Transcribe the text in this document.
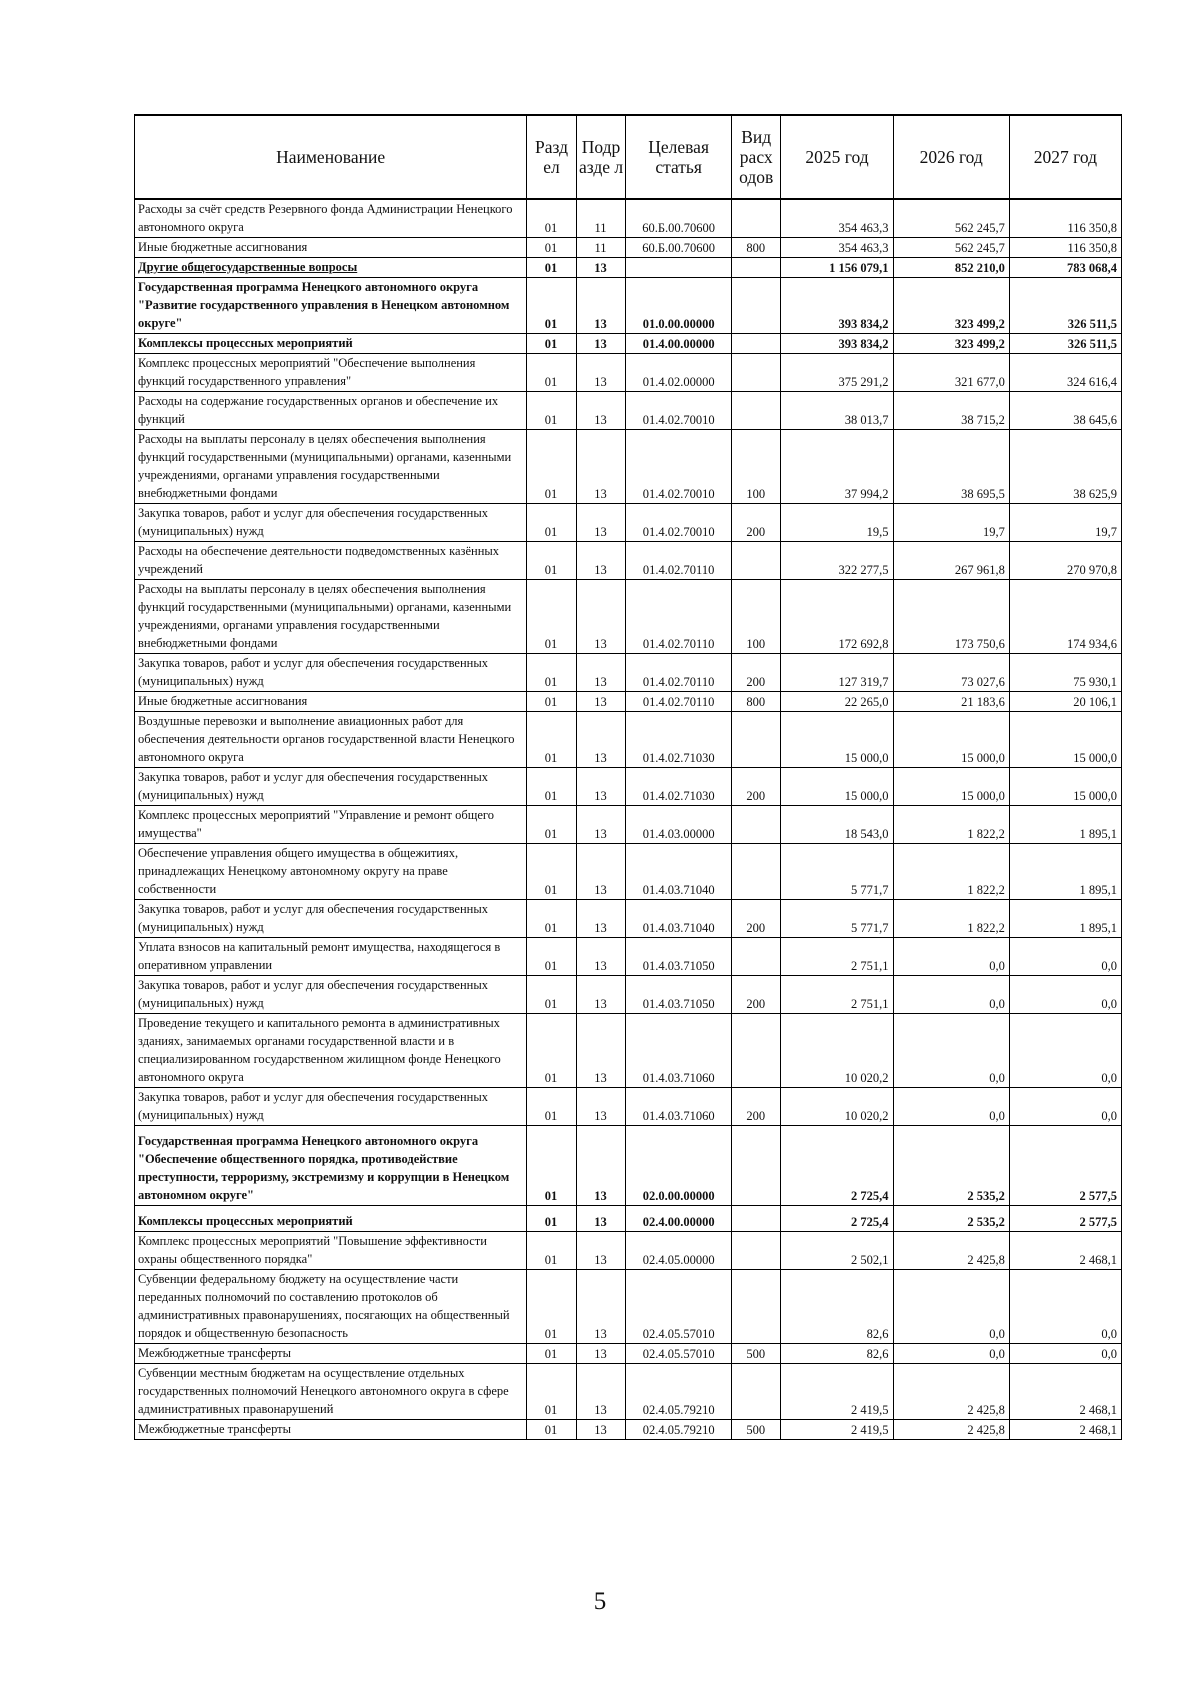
Наименование	Разд ел	Подр азде л	Целевая статья	Вид расх одов	2025 год	2026 год	2027 год
Расходы за счёт средств Резервного фонда Администрации Ненецкого автономного округа	01	11	60.Б.00.70600		354 463,3	562 245,7	116 350,8
Иные бюджетные ассигнования	01	11	60.Б.00.70600	800	354 463,3	562 245,7	116 350,8
Другие общегосударственные вопросы	01	13			1 156 079,1	852 210,0	783 068,4
Государственная программа Ненецкого автономного округа "Развитие государственного управления в Ненецком автономном округе"	01	13	01.0.00.00000		393 834,2	323 499,2	326 511,5
Комплексы процессных мероприятий	01	13	01.4.00.00000		393 834,2	323 499,2	326 511,5
Комплекс процессных мероприятий "Обеспечение выполнения функций государственного управления"	01	13	01.4.02.00000		375 291,2	321 677,0	324 616,4
Расходы на содержание государственных органов и обеспечение их функций	01	13	01.4.02.70010		38 013,7	38 715,2	38 645,6
Расходы на выплаты персоналу в целях обеспечения выполнения функций государственными (муниципальными) органами, казенными учреждениями, органами управления государственными внебюджетными фондами	01	13	01.4.02.70010	100	37 994,2	38 695,5	38 625,9
Закупка товаров, работ и услуг для обеспечения государственных (муниципальных) нужд	01	13	01.4.02.70010	200	19,5	19,7	19,7
Расходы на обеспечение деятельности подведомственных казённых учреждений	01	13	01.4.02.70110		322 277,5	267 961,8	270 970,8
Расходы на выплаты персоналу в целях обеспечения выполнения функций государственными (муниципальными) органами, казенными учреждениями, органами управления государственными внебюджетными фондами	01	13	01.4.02.70110	100	172 692,8	173 750,6	174 934,6
Закупка товаров, работ и услуг для обеспечения государственных (муниципальных) нужд	01	13	01.4.02.70110	200	127 319,7	73 027,6	75 930,1
Иные бюджетные ассигнования	01	13	01.4.02.70110	800	22 265,0	21 183,6	20 106,1
Воздушные перевозки и выполнение авиационных работ для обеспечения деятельности органов государственной власти Ненецкого автономного округа	01	13	01.4.02.71030		15 000,0	15 000,0	15 000,0
Закупка товаров, работ и услуг для обеспечения государственных (муниципальных) нужд	01	13	01.4.02.71030	200	15 000,0	15 000,0	15 000,0
Комплекс процессных мероприятий "Управление и ремонт общего имущества"	01	13	01.4.03.00000		18 543,0	1 822,2	1 895,1
Обеспечение управления общего имущества в общежитиях, принадлежащих Ненецкому автономному округу на праве собственности	01	13	01.4.03.71040		5 771,7	1 822,2	1 895,1
Закупка товаров, работ и услуг для обеспечения государственных (муниципальных) нужд	01	13	01.4.03.71040	200	5 771,7	1 822,2	1 895,1
Уплата взносов на капитальный ремонт имущества, находящегося в оперативном управлении	01	13	01.4.03.71050		2 751,1	0,0	0,0
Закупка товаров, работ и услуг для обеспечения государственных (муниципальных) нужд	01	13	01.4.03.71050	200	2 751,1	0,0	0,0
Проведение текущего и капитального ремонта в административных зданиях, занимаемых органами государственной власти и в специализированном государственном жилищном фонде Ненецкого автономного округа	01	13	01.4.03.71060		10 020,2	0,0	0,0
Закупка товаров, работ и услуг для обеспечения государственных (муниципальных) нужд	01	13	01.4.03.71060	200	10 020,2	0,0	0,0
Государственная программа Ненецкого автономного округа "Обеспечение общественного порядка, противодействие преступности, терроризму, экстремизму и коррупции в Ненецком автономном округе"	01	13	02.0.00.00000		2 725,4	2 535,2	2 577,5
Комплексы процессных мероприятий	01	13	02.4.00.00000		2 725,4	2 535,2	2 577,5
Комплекс процессных мероприятий "Повышение эффективности охраны общественного порядка"	01	13	02.4.05.00000		2 502,1	2 425,8	2 468,1
Субвенции федеральному бюджету на осуществление части переданных полномочий по составлению протоколов об административных правонарушениях, посягающих на общественный порядок и общественную безопасность	01	13	02.4.05.57010		82,6	0,0	0,0
Межбюджетные трансферты	01	13	02.4.05.57010	500	82,6	0,0	0,0
Субвенции местным бюджетам на осуществление отдельных государственных полномочий Ненецкого автономного округа в сфере административных правонарушений	01	13	02.4.05.79210		2 419,5	2 425,8	2 468,1
Межбюджетные трансферты	01	13	02.4.05.79210	500	2 419,5	2 425,8	2 468,1
5
